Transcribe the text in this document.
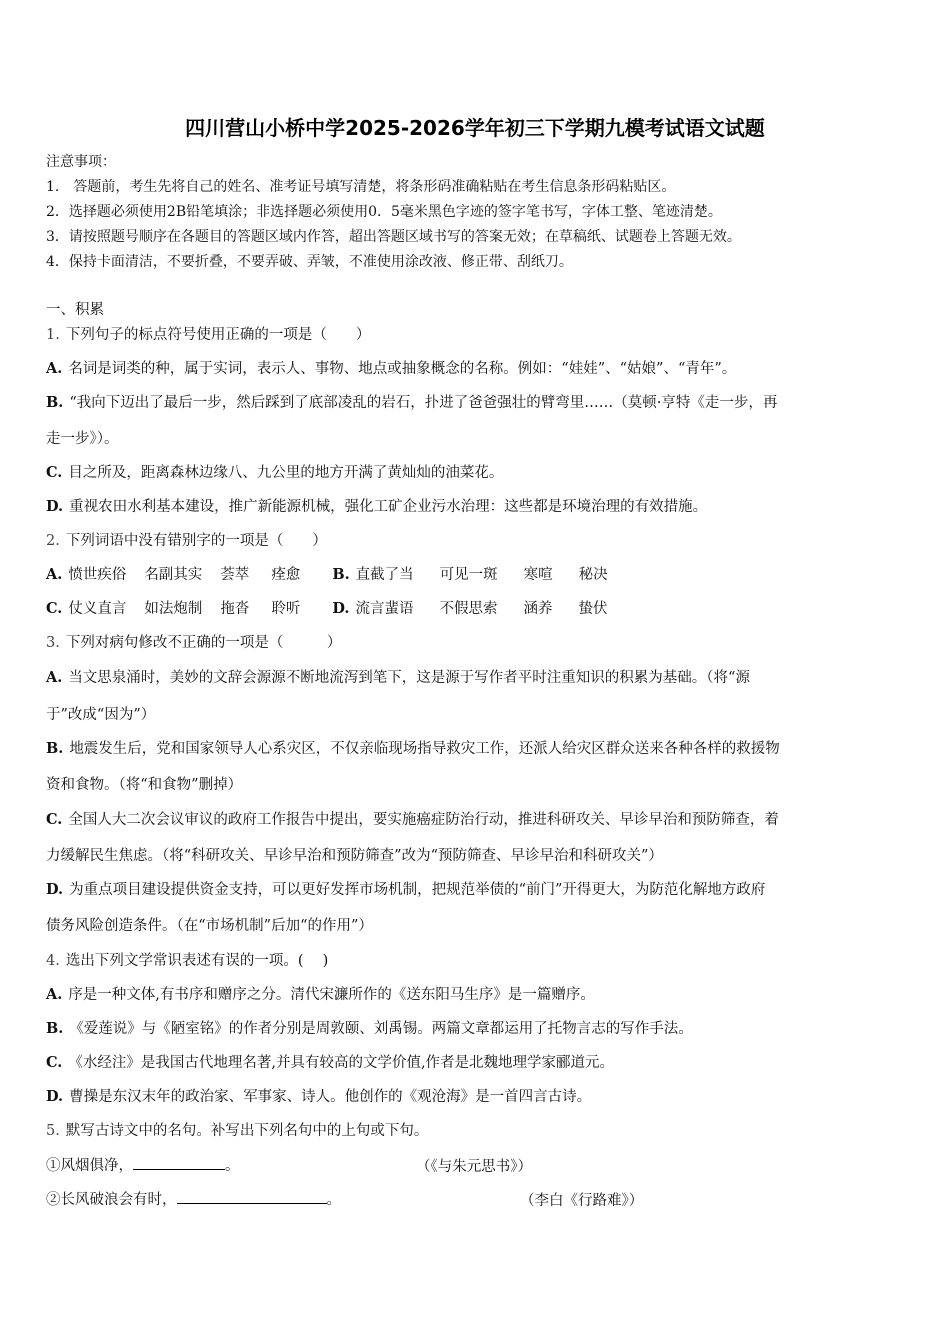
四川营山小桥中学2025-2026学年初三下学期九模考试语文试题
注意事项：
1.　答题前，考生先将自己的姓名、准考证号填写清楚，将条形码准确粘贴在考生信息条形码粘贴区。
2．选择题必须使用2B铅笔填涂；非选择题必须使用0．5毫米黑色字迹的签字笔书写，字体工整、笔迹清楚。
3．请按照题号顺序在各题目的答题区域内作答，超出答题区域书写的答案无效；在草稿纸、试题卷上答题无效。
4．保持卡面清洁，不要折叠，不要弄破、弄皱，不准使用涂改液、修正带、刮纸刀。
一、积累
1. 下列句子的标点符号使用正确的一项是（　　）
A. 名词是词类的种，属于实词，表示人、事物、地点或抽象概念的名称。例如：“娃娃”、“姑娘”、“青年”。
B. “我向下迈出了最后一步，然后踩到了底部凌乱的岩石，扑进了爸爸强壮的臂弯里……（莫顿·亨特《走一步，再
走一步》）。
C. 目之所及，距离森林边缘八、九公里的地方开满了黄灿灿的油菜花。
D. 重视农田水利基本建设，推广新能源机械，强化工矿企业污水治理：这些都是环境治理的有效措施。
2. 下列词语中没有错别字的一项是（　　）
A. 愤世疾俗 名副其实 荟萃 痊愈 B. 直截了当 可见一斑 寒喧 秘决
C. 仗义直言 如法炮制 拖沓 聆听 D. 流言蜚语 不假思索 涵养 蛰伏
3. 下列对病句修改不正确的一项是（　　　）
A. 当文思泉涌时，美妙的文辞会源源不断地流泻到笔下，这是源于写作者平时注重知识的积累为基础。（将“源
于”改成“因为”）
B. 地震发生后，党和国家领导人心系灾区，不仅亲临现场指导救灾工作，还派人给灾区群众送来各种各样的救援物
资和食物。（将“和食物”删掉）
C. 全国人大二次会议审议的政府工作报告中提出，要实施癌症防治行动，推进科研攻关、早诊早治和预防筛查，着
力缓解民生焦虑。（将“科研攻关、早诊早治和预防筛查”改为“预防筛查、早诊早治和科研攻关”）
D. 为重点项目建设提供资金支持，可以更好发挥市场机制，把规范举债的“前门”开得更大，为防范化解地方政府
债务风险创造条件。（在“市场机制”后加“的作用”）
4. 选出下列文学常识表述有误的一项。(　 )
A. 序是一种文体,有书序和赠序之分。清代宋濂所作的《送东阳马生序》是一篇赠序。
B. 《爱莲说》与《陋室铭》的作者分别是周敦颐、刘禹锡。两篇文章都运用了托物言志的写作手法。
C. 《水经注》是我国古代地理名著,并具有较高的文学价值,作者是北魏地理学家郦道元。
D. 曹操是东汉末年的政治家、军事家、诗人。他创作的《观沧海》是一首四言古诗。
5. 默写古诗文中的名句。补写出下列名句中的上句或下句。
①风烟俱净，	。	（《与朱元思书》）
②长风破浪会有时，	。	（李白《行路难》）
